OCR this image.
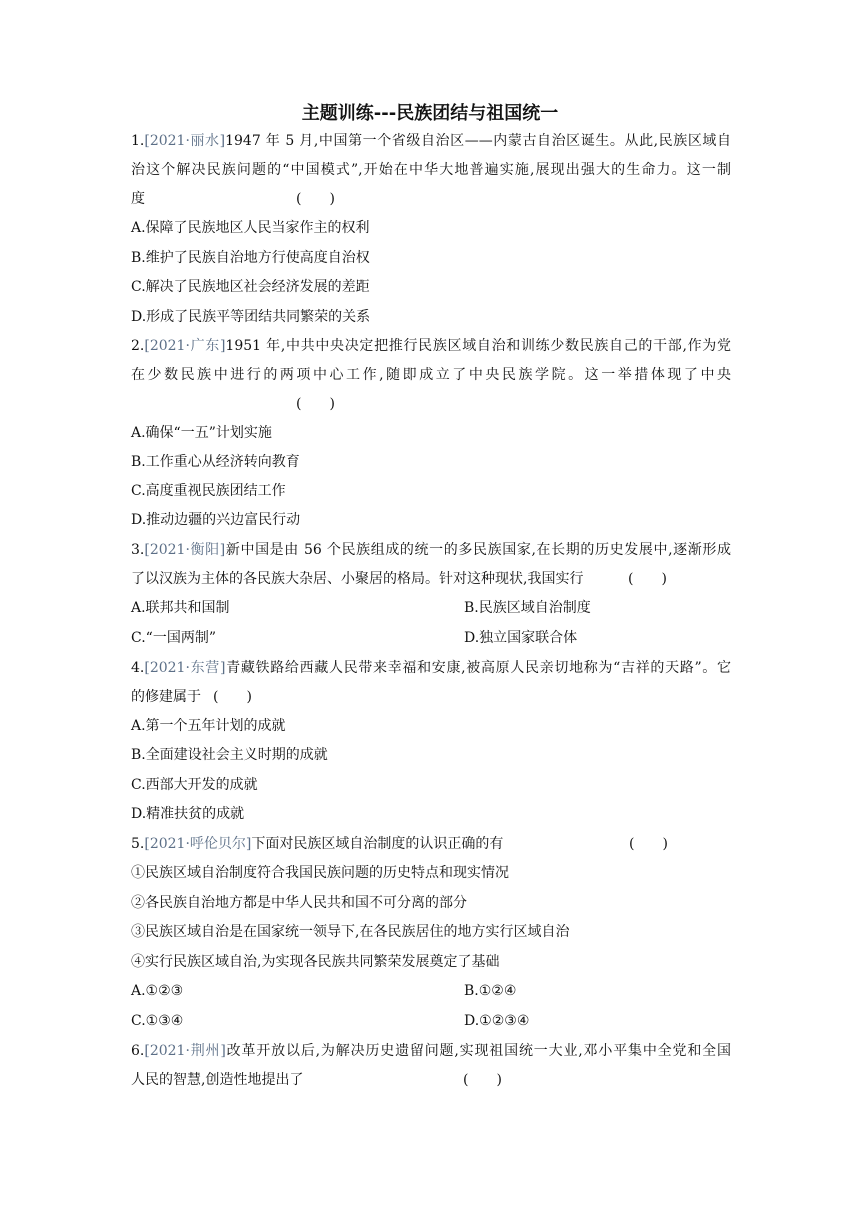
主题训练---民族团结与祖国统一
1.[2021·丽水]1947 年 5 月,中国第一个省级自治区——内蒙古自治区诞生。从此,民族区域自
治这个解决民族问题的“中国模式”,开始在中华大地普遍实施,展现出强大的生命力。这一制
度	(　　)
A.保障了民族地区人民当家作主的权利
B.维护了民族自治地方行使高度自治权
C.解决了民族地区社会经济发展的差距
D.形成了民族平等团结共同繁荣的关系
2.[2021·广东]1951 年,中共中央决定把推行民族区域自治和训练少数民族自己的干部,作为党
在少数民族中进行的两项中心工作,随即成立了中央民族学院。这一举措体现了中央
(　　)
A.确保“一五”计划实施
B.工作重心从经济转向教育
C.高度重视民族团结工作
D.推动边疆的兴边富民行动
3.[2021·衡阳]新中国是由 56 个民族组成的统一的多民族国家,在长期的历史发展中,逐渐形成
了以汉族为主体的各民族大杂居、小聚居的格局。针对这种现状,我国实行	(　　)
A.联邦共和国制	B.民族区域自治制度
C.“一国两制”	D.独立国家联合体
4.[2021·东营]青藏铁路给西藏人民带来幸福和安康,被高原人民亲切地称为“吉祥的天路”。它
的修建属于 (　　)
A.第一个五年计划的成就
B.全面建设社会主义时期的成就
C.西部大开发的成就
D.精准扶贫的成就
5.[2021·呼伦贝尔]下面对民族区域自治制度的认识正确的有	(　　)
①民族区域自治制度符合我国民族问题的历史特点和现实情况
②各民族自治地方都是中华人民共和国不可分离的部分
③民族区域自治是在国家统一领导下,在各民族居住的地方实行区域自治
④实行民族区域自治,为实现各民族共同繁荣发展奠定了基础
A.①②③	B.①②④
C.①③④	D.①②③④
6.[2021·荆州]改革开放以后,为解决历史遗留问题,实现祖国统一大业,邓小平集中全党和全国
人民的智慧,创造性地提出了	(　　)
